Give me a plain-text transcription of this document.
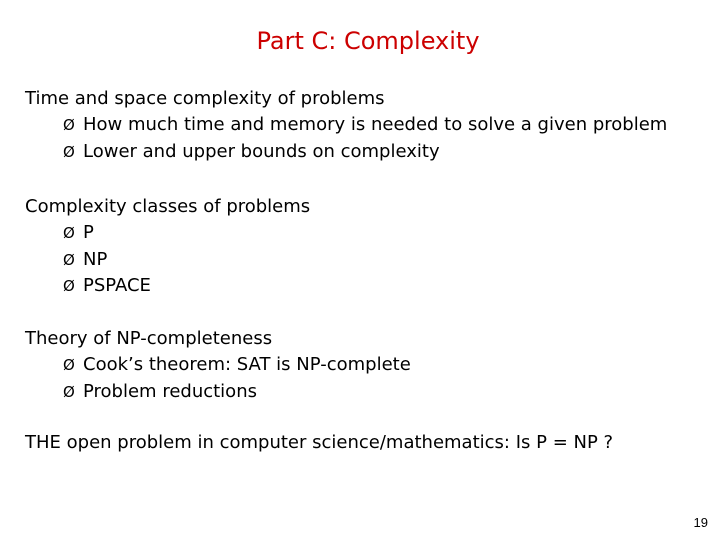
Part C: Complexity
Time and space complexity of problems
Ø How much time and memory is needed to solve a given problem
Ø Lower and upper bounds on complexity
Complexity classes of problems
Ø P
Ø NP
Ø PSPACE
Theory of NP-completeness
Ø Cook’s theorem: SAT is NP-complete
Ø Problem reductions
THE open problem in computer science/mathematics: Is P = NP ?
19
